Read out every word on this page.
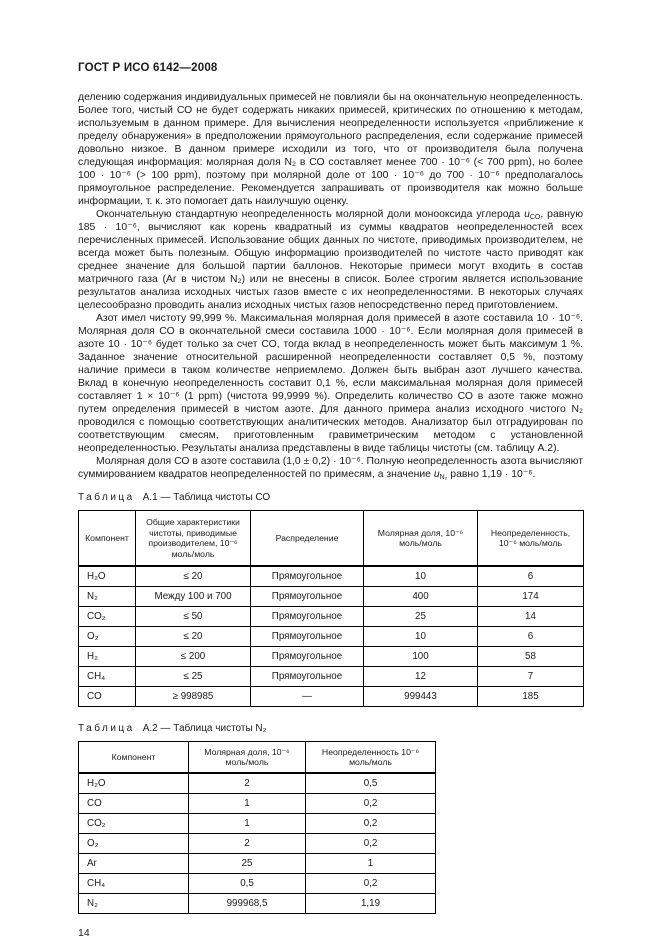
ГОСТ Р ИСО 6142—2008

делению содержания индивидуальных примесей не повлияли бы на окончательную неопределенность. Более того, чистый СО не будет содержать никаких примесей, критических по отношению к методам, используемым в данном примере. Для вычисления неопределенности используется «приближение к пределу обнаружения» в предположении прямоугольного распределения, если содержание примесей довольно низкое. В данном примере исходили из того, что от производителя была получена следующая информация: молярная доля N₂ в СО составляет менее 700 · 10⁻⁶ (< 700 ppm), но более 100 · 10⁻⁶ (> 100 ppm), поэтому при молярной доле от 100 · 10⁻⁶ до 700 · 10⁻⁶ предполагалось прямоугольное распределение. Рекомендуется запрашивать от производителя как можно больше информации, т. к. это помогает дать наилучшую оценку.

Окончательную стандартную неопределенность молярной доли монооксида углерода $u_{CO}$, равную 185 · 10⁻⁶, вычисляют как корень квадратный из суммы квадратов неопределенностей всех перечисленных примесей. Использование общих данных по чистоте, приводимых производителем, не всегда может быть полезным. Общую информацию производителей по чистоте часто приводят как среднее значение для большой партии баллонов. Некоторые примеси могут входить в состав матричного газа (Ar в чистом N₂) или не внесены в список. Более строгим является использование результатов анализа исходных чистых газов вместе с их неопределенностями. В некоторых случаях целесообразно проводить анализ исходных чистых газов непосредственно перед приготовлением.

Азот имел чистоту 99,999 %. Максимальная молярная доля примесей в азоте составила 10 · 10⁻⁶. Молярная доля СО в окончательной смеси составила 1000 · 10⁻⁶. Если молярная доля примесей в азоте 10 · 10⁻⁶ будет только за счет СО, тогда вклад в неопределенность может быть максимум 1 %. Заданное значение относительной расширенной неопределенности составляет 0,5 %, поэтому наличие примеси в таком количестве неприемлемо. Должен быть выбран азот лучшего качества. Вклад в конечную неопределенность составит 0,1 %, если максимальная молярная доля примесей составляет 1 × 10⁻⁶ (1 ppm) (чистота 99,9999 %). Определить количество СО в азоте также можно путем определения примесей в чистом азоте. Для данного примера анализ исходного чистого N₂ проводился с помощью соответствующих аналитических методов. Анализатор был отградуирован по соответствующим смесям, приготовленным гравиметрическим методом с установленной неопределенностью. Результаты анализа представлены в виде таблицы чистоты (см. таблицу А.2).

Молярная доля СО в азоте составила (1,0 ± 0,2) · 10⁻⁶. Полную неопределенность азота вычисляют суммированием квадратов неопределенностей по примесям, а значение $u_{N_2}$ равно 1,19 · 10⁻⁶.

Таблица А.1 — Таблица чистоты СО
Компонент	Общие характеристики чистоты, приводимые производителем, 10⁻⁶ моль/моль	Распределение	Молярная доля, 10⁻⁶ моль/моль	Неопределенность, 10⁻⁶ моль/моль
H₂O	≤ 20	Прямоугольное	10	6
N₂	Между 100 и 700	Прямоугольное	400	174
CO₂	≤ 50	Прямоугольное	25	14
O₂	≤ 20	Прямоугольное	10	6
H₂	≤ 200	Прямоугольное	100	58
CH₄	≤ 25	Прямоугольное	12	7
CO	≥ 998985	—	999443	185
Таблица А.2 — Таблица чистоты N₂
Компонент	Молярная доля, 10⁻⁶ моль/моль	Неопределенность 10⁻⁶ моль/моль
H₂O	2	0,5
CO	1	0,2
CO₂	1	0,2
O₂	2	0,2
Ar	25	1
CH₄	0,5	0,2
N₂	999968,5	1,19
14
